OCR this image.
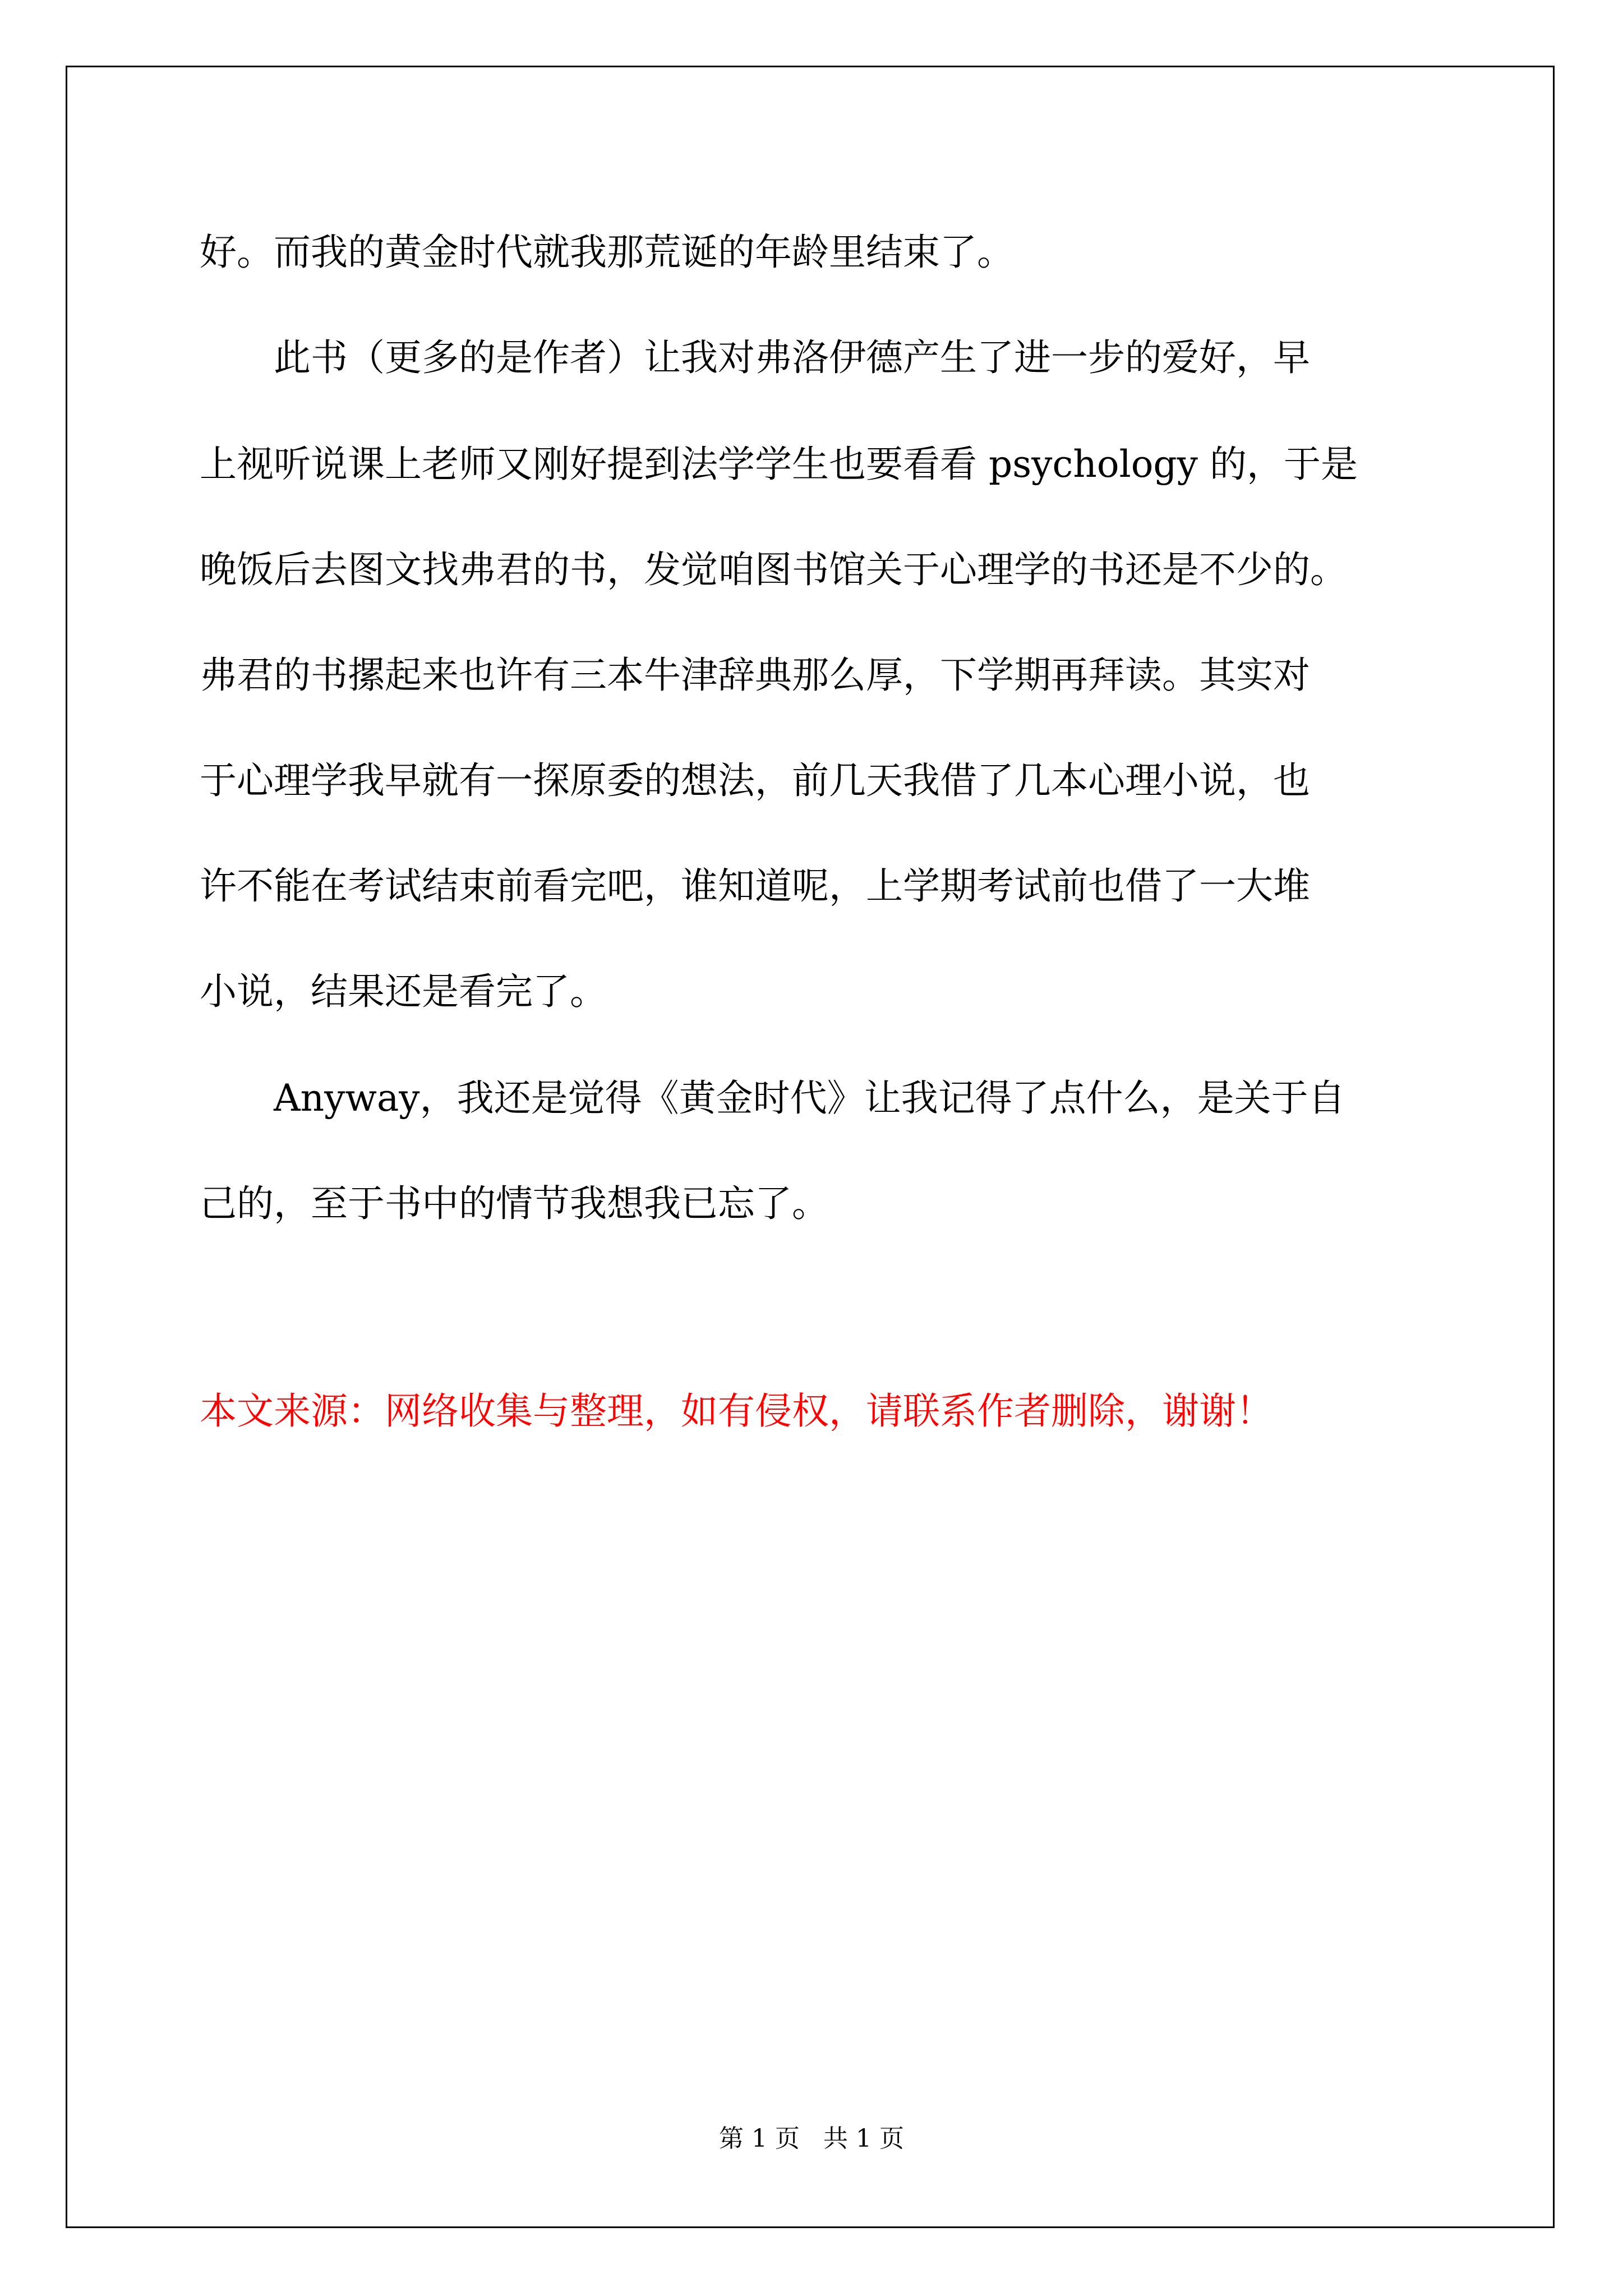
好。而我的黄金时代就我那荒诞的年龄里结束了。

　　此书（更多的是作者）让我对弗洛伊德产生了进一步的爱好，早

上视听说课上老师又刚好提到法学学生也要看看 psychology 的，于是

晚饭后去图文找弗君的书，发觉咱图书馆关于心理学的书还是不少的。

弗君的书摞起来也许有三本牛津辞典那么厚，下学期再拜读。其实对

于心理学我早就有一探原委的想法，前几天我借了几本心理小说，也

许不能在考试结束前看完吧，谁知道呢，上学期考试前也借了一大堆

小说，结果还是看完了。

　　Anyway，我还是觉得《黄金时代》让我记得了点什么，是关于自

己的，至于书中的情节我想我已忘了。

本文来源：网络收集与整理，如有侵权，请联系作者删除，谢谢！

第 1 页   共 1 页
